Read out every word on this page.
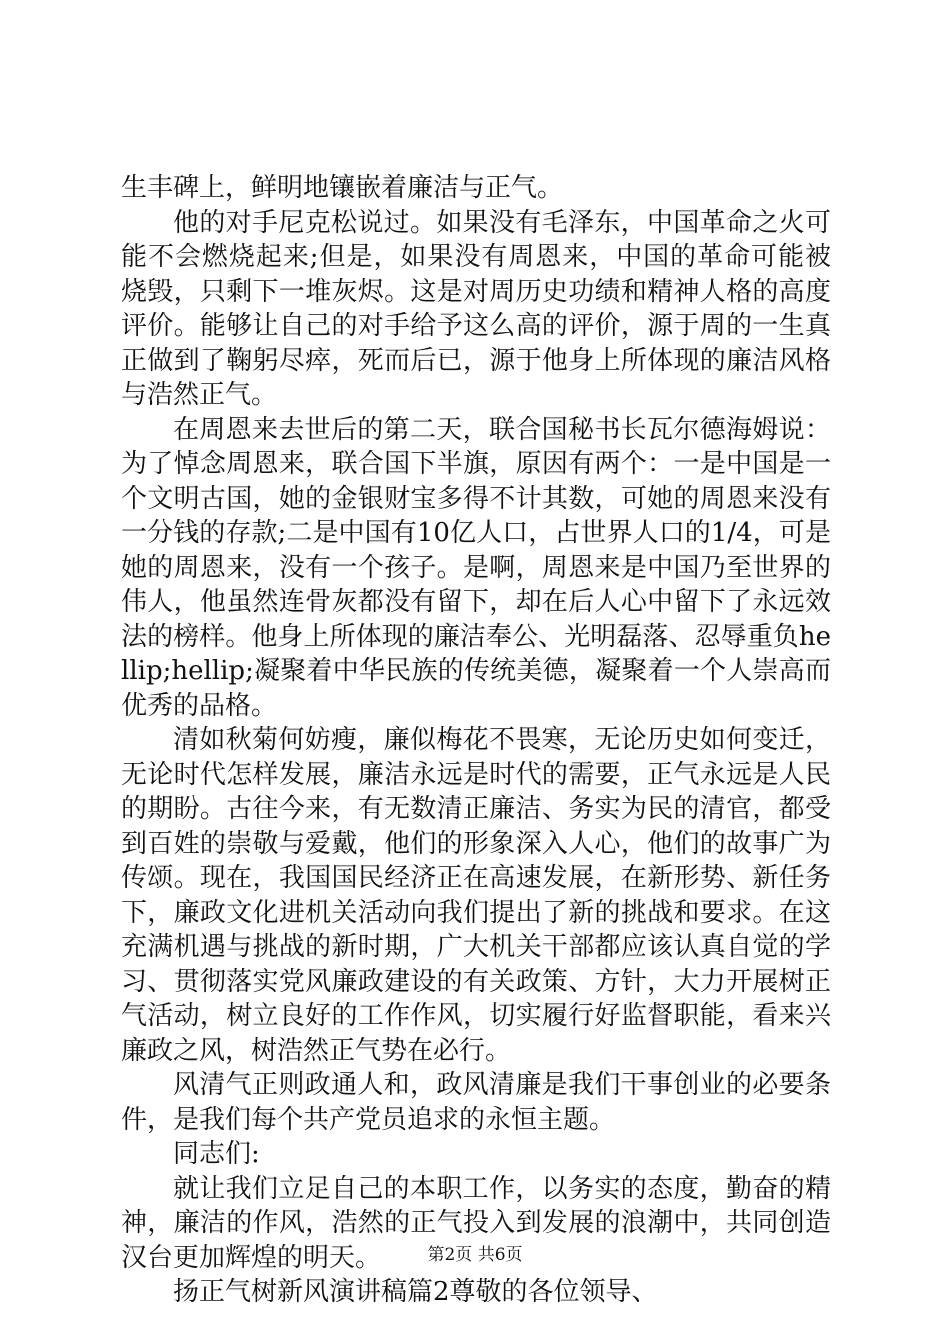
生丰碑上，鲜明地镶嵌着廉洁与正气。

他的对手尼克松说过。如果没有毛泽东，中国革命之火可能不会燃烧起来;但是，如果没有周恩来，中国的革命可能被烧毁，只剩下一堆灰烬。这是对周历史功绩和精神人格的高度评价。能够让自己的对手给予这么高的评价，源于周的一生真正做到了鞠躬尽瘁，死而后已，源于他身上所体现的廉洁风格与浩然正气。

在周恩来去世后的第二天，联合国秘书长瓦尔德海姆说：为了悼念周恩来，联合国下半旗，原因有两个：一是中国是一个文明古国，她的金银财宝多得不计其数，可她的周恩来没有一分钱的存款;二是中国有10亿人口，占世界人口的1/4，可是她的周恩来，没有一个孩子。是啊，周恩来是中国乃至世界的伟人，他虽然连骨灰都没有留下，却在后人心中留下了永远效法的榜样。他身上所体现的廉洁奉公、光明磊落、忍辱重负hellip;hellip;凝聚着中华民族的传统美德，凝聚着一个人崇高而优秀的品格。

清如秋菊何妨瘦，廉似梅花不畏寒，无论历史如何变迁，无论时代怎样发展，廉洁永远是时代的需要，正气永远是人民的期盼。古往今来，有无数清正廉洁、务实为民的清官，都受到百姓的崇敬与爱戴，他们的形象深入人心，他们的故事广为传颂。现在，我国国民经济正在高速发展，在新形势、新任务下，廉政文化进机关活动向我们提出了新的挑战和要求。在这充满机遇与挑战的新时期，广大机关干部都应该认真自觉的学习、贯彻落实党风廉政建设的有关政策、方针，大力开展树正气活动，树立良好的工作作风，切实履行好监督职能，看来兴廉政之风，树浩然正气势在必行。

风清气正则政通人和，政风清廉是我们干事创业的必要条件，是我们每个共产党员追求的永恒主题。

同志们:

就让我们立足自己的本职工作，以务实的态度，勤奋的精神，廉洁的作风，浩然的正气投入到发展的浪潮中，共同创造汉台更加辉煌的明天。

扬正气树新风演讲稿篇2尊敬的各位领导、

第2页 共6页
